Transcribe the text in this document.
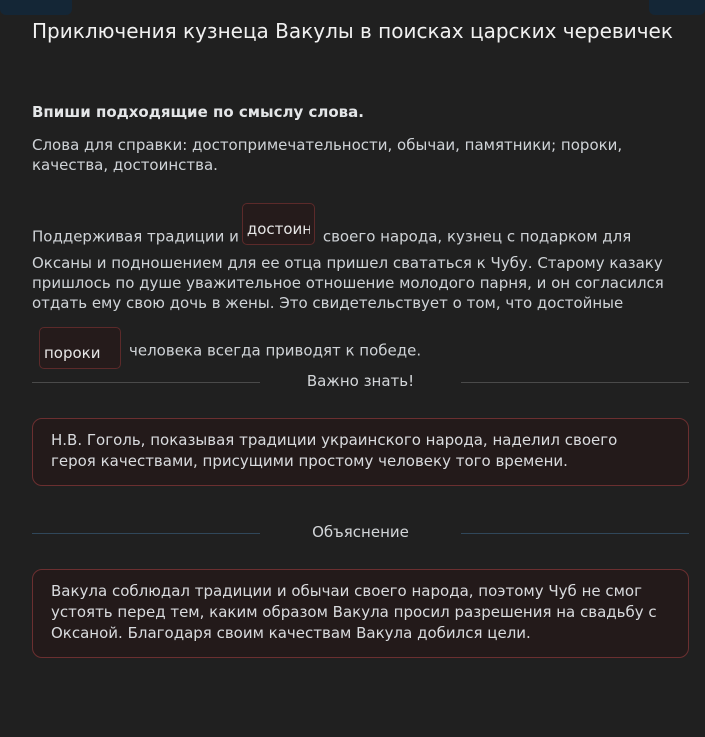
Приключения кузнеца Вакулы в поисках царских черевичек
Впиши подходящие по смыслу слова.
Слова для справки: достопримечательности, обычаи, памятники; пороки,
качества, достоинства.
Поддерживая традиции идостоинства	своего народа, кузнец с подарком для
Оксаны и подношением для ее отца пришел свататься к Чубу. Старому казаку
пришлось по душе уважительное отношение молодого парня, и он согласился
отдать ему свою дочь в жены. Это свидетельствует о том, что достойные
порокичеловека всегда приводят к победе.
Важно знать!
Н.В. Гоголь, показывая традиции украинского народа, наделил своего
героя качествами, присущими простому человеку того времени.
Объяснение
Вакула соблюдал традиции и обычаи своего народа, поэтому Чуб не смог
устоять перед тем, каким образом Вакула просил разрешения на свадьбу с
Оксаной. Благодаря своим качествам Вакула добился цели.
